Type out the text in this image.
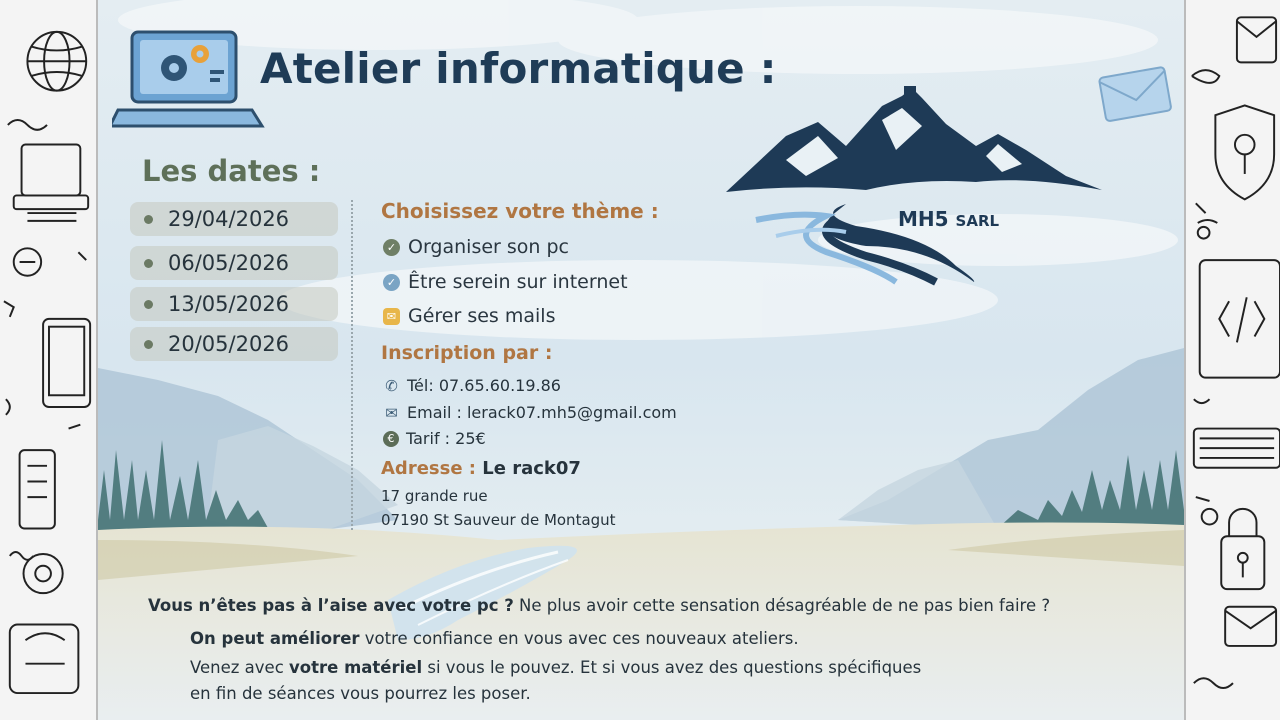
Atelier informatique :
MH5 SARL
Les dates :
29/04/2026
06/05/2026
13/05/2026
20/05/2026
Choisissez votre thème :
✓ Organiser son pc
✓ Être serein sur internet
✉ Gérer ses mails
Inscription par :
✆ Tél: 07.65.60.19.86
✉ Email : lerack07.mh5@gmail.com
€ Tarif : 25€
Adresse : Le rack07
17 grande rue
07190 St Sauveur de Montagut
Vous n’êtes pas à l’aise avec votre pc ? Ne plus avoir cette sensation désagréable de ne pas bien faire ?
On peut améliorer votre confiance en vous avec ces nouveaux ateliers.
Venez avec votre matériel si vous le pouvez. Et si vous avez des questions spécifiques
en fin de séances vous pourrez les poser.
